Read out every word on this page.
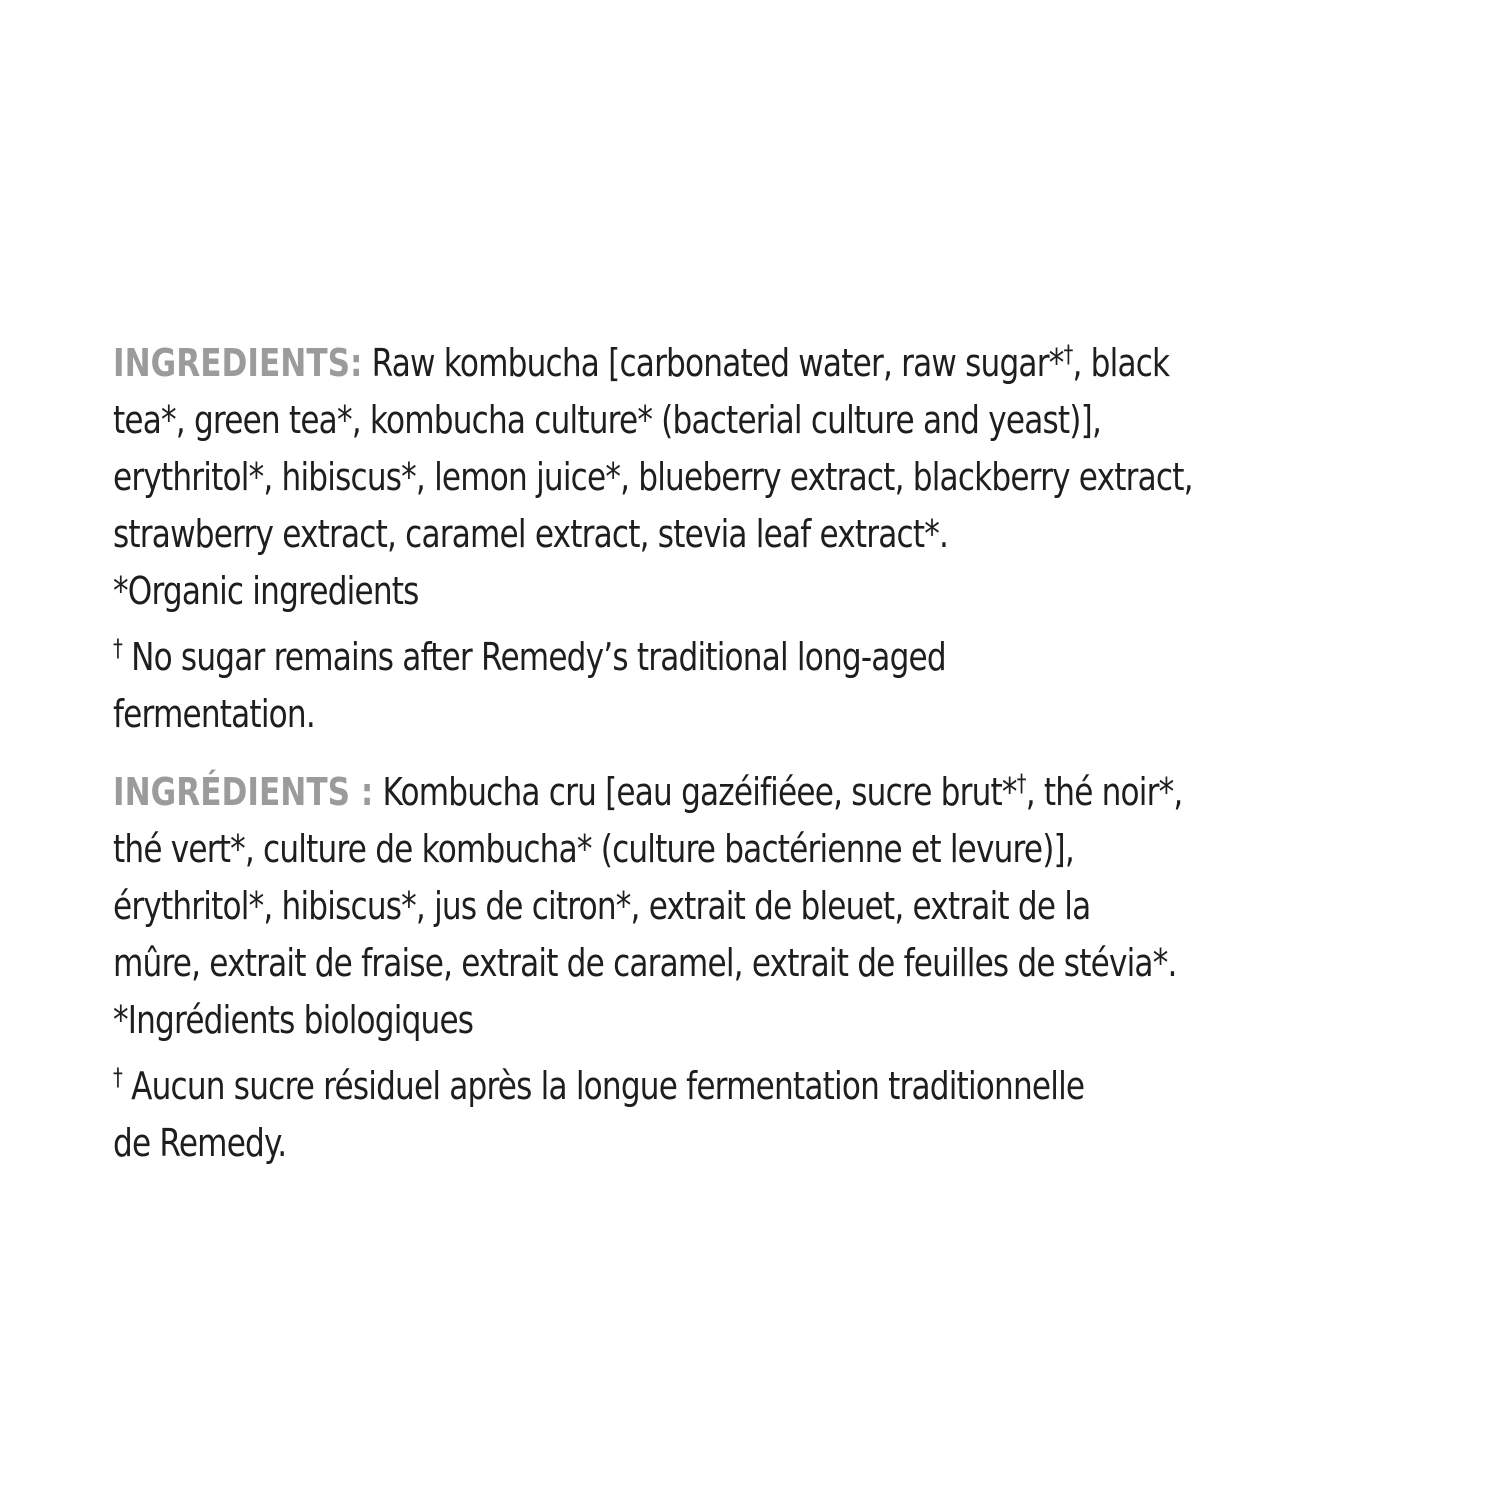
INGREDIENTS: Raw kombucha [carbonated water, raw sugar*†, black

tea*, green tea*, kombucha culture* (bacterial culture and yeast)],

erythritol*, hibiscus*, lemon juice*, blueberry extract, blackberry extract,

strawberry extract, caramel extract, stevia leaf extract*.

*Organic ingredients

† No sugar remains after Remedy’s traditional long-aged

fermentation.

INGRÉDIENTS : Kombucha cru [eau gazéifiéee, sucre brut*†, thé noir*,

thé vert*, culture de kombucha* (culture bactérienne et levure)],

érythritol*, hibiscus*, jus de citron*, extrait de bleuet, extrait de la

mûre, extrait de fraise, extrait de caramel, extrait de feuilles de stévia*.

*Ingrédients biologiques

† Aucun sucre résiduel après la longue fermentation traditionnelle

de Remedy.
